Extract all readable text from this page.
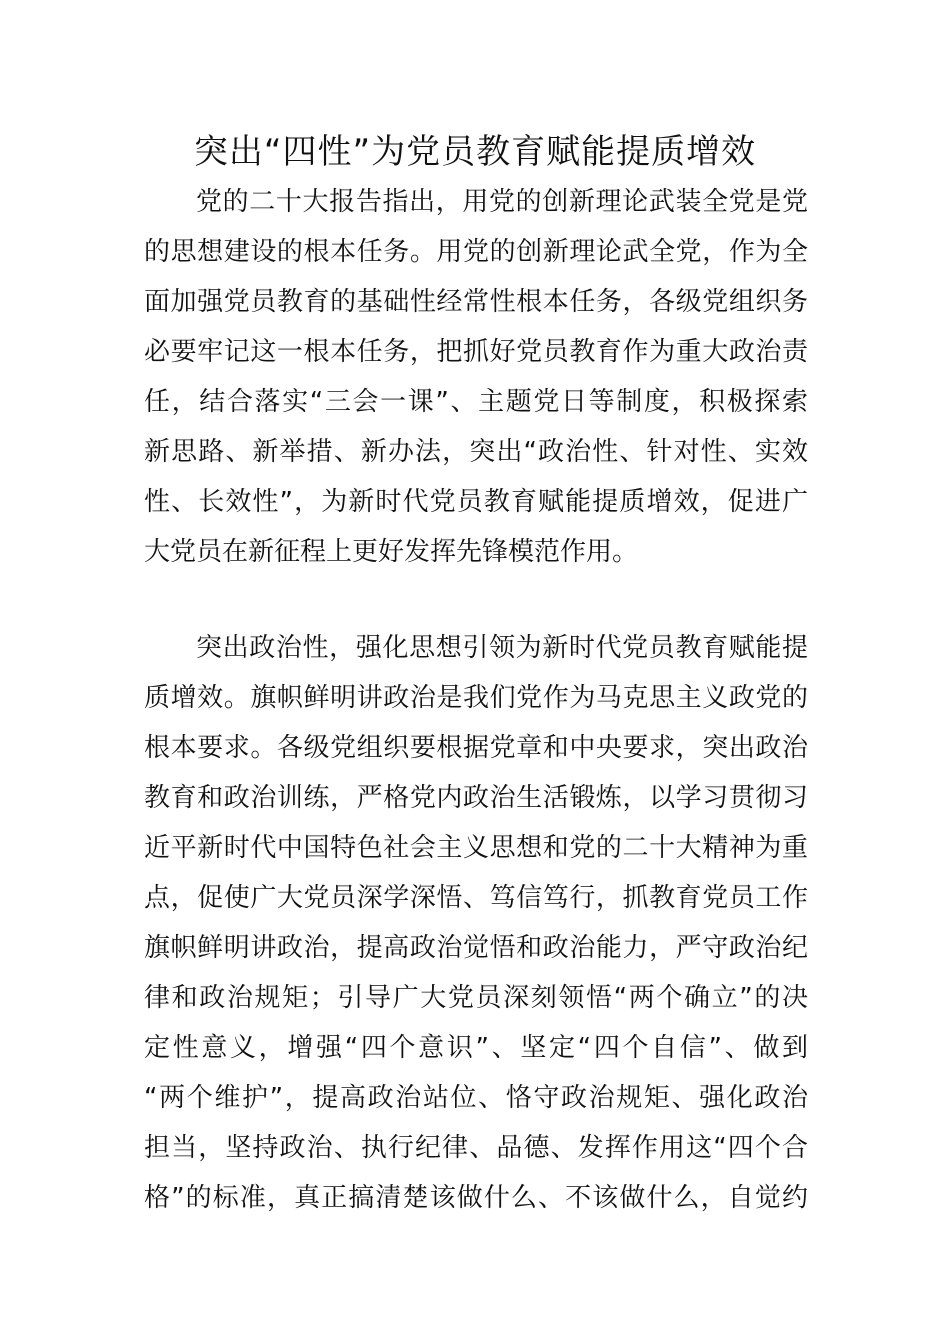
突出“四性”为党员教育赋能提质增效
党的二十大报告指出，用党的创新理论武装全党是党
的思想建设的根本任务。用党的创新理论武全党，作为全
面加强党员教育的基础性经常性根本任务，各级党组织务
必要牢记这一根本任务，把抓好党员教育作为重大政治责
任，结合落实“三会一课”、主题党日等制度，积极探索
新思路、新举措、新办法，突出“政治性、针对性、实效
性、长效性”，为新时代党员教育赋能提质增效，促进广
大党员在新征程上更好发挥先锋模范作用。
突出政治性，强化思想引领为新时代党员教育赋能提
质增效。旗帜鲜明讲政治是我们党作为马克思主义政党的
根本要求。各级党组织要根据党章和中央要求，突出政治
教育和政治训练，严格党内政治生活锻炼，以学习贯彻习
近平新时代中国特色社会主义思想和党的二十大精神为重
点，促使广大党员深学深悟、笃信笃行，抓教育党员工作
旗帜鲜明讲政治，提高政治觉悟和政治能力，严守政治纪
律和政治规矩；引导广大党员深刻领悟“两个确立”的决
定性意义，增强“四个意识”、坚定“四个自信”、做到
“两个维护”，提高政治站位、恪守政治规矩、强化政治
担当，坚持政治、执行纪律、品德、发挥作用这“四个合
格”的标准，真正搞清楚该做什么、不该做什么，自觉约
